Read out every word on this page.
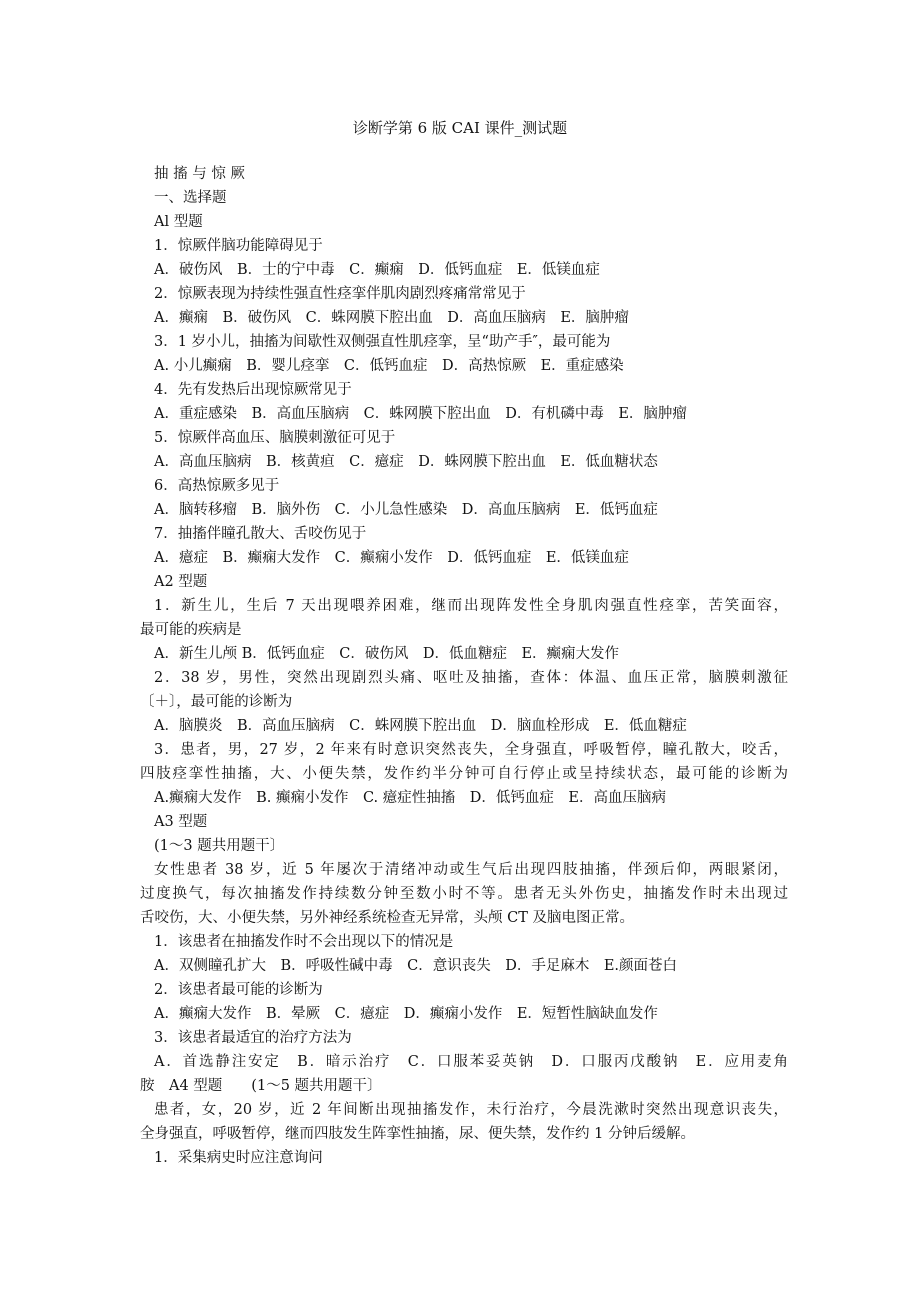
诊断学第 6 版 CAI 课件_测试题
抽 搐 与 惊 厥
一、选择题
Al 型题
1．惊厥伴脑功能障碍见于
A．破伤风　B．士的宁中毒　C．癫痫　D．低钙血症　E．低镁血症
2．惊厥表现为持续性强直性痉挛伴肌肉剧烈疼痛常常见于
A．癫痫　B．破伤风　C．蛛网膜下腔出血　D．高血压脑病　E．脑肿瘤
3．1 岁小儿，抽搐为间歇性双侧强直性肌痉挛，呈“助产手″，最可能为
A. 小儿癫痫　B．婴儿痉挛　C．低钙血症　D．高热惊厥　E．重症感染
4．先有发热后出现惊厥常见于
A．重症感染　B．高血压脑病　C．蛛网膜下腔出血　D．有机磷中毒　E．脑肿瘤
5．惊厥伴高血压、脑膜刺激征可见于
A．高血压脑病　B．核黄疸　C．癔症　D．蛛网膜下腔出血　E．低血糖状态
6．高热惊厥多见于
A．脑转移瘤　B．脑外伤　C．小儿急性感染　D．高血压脑病　E．低钙血症
7．抽搐伴瞳孔散大、舌咬伤见于
A．癔症　B．癫痫大发作　C．癫痫小发作　D．低钙血症　E．低镁血症
A2 型题
1．新生儿，生后 7 天出现喂养困难，继而出现阵发性全身肌肉强直性痉挛，苦笑面容，
最可能的疾病是
A．新生儿颅 B．低钙血症　C．破伤风　D．低血糖症　E．癫痫大发作
2．38 岁，男性，突然出现剧烈头痛、呕吐及抽搐，查体：体温、血压正常，脑膜刺激征
〔＋〕，最可能的诊断为
A．脑膜炎　B．高血压脑病　C．蛛网膜下腔出血　D．脑血栓形成　E．低血糖症
3．患者，男，27 岁，2 年来有时意识突然丧失，全身强直，呼吸暂停，瞳孔散大，咬舌，
四肢痉挛性抽搐，大、小便失禁，发作约半分钟可自行停止或呈持续状态，最可能的诊断为
A.癫痫大发作　B. 癫痫小发作　C. 癔症性抽搐　D．低钙血症　E．高血压脑病
A3 型题
(1～3 题共用题干〕
女性患者 38 岁，近 5 年屡次于清绪冲动或生气后出现四肢抽搐，伴颈后仰，两眼紧闭，
过度换气，每次抽搐发作持续数分钟至数小时不等。患者无头外伤史，抽搐发作时未出现过
舌咬伤，大、小便失禁，另外神经系统检查无异常，头颅 CT 及脑电图正常。
1．该患者在抽搐发作时不会出现以下的情况是
A．双侧瞳孔扩大　B．呼吸性碱中毒　C．意识丧失　D．手足麻木　E.颜面苍白
2．该患者最可能的诊断为
A．癫痫大发作　B．晕厥　C．癔症　D．癫痫小发作　E．短暂性脑缺血发作
3．该患者最适宜的治疗方法为
A．首选静注安定　B．暗示治疗　C．口服苯妥英钠　D．口服丙戊酸钠　E．应用麦角
胺　A4 型题　　(1～5 题共用题干〕
患者，女，20 岁，近 2 年间断出现抽搐发作，未行治疗，今晨洗漱时突然出现意识丧失，
全身强直，呼吸暂停，继而四肢发生阵挛性抽搐，尿、便失禁，发作约 1 分钟后缓解。
1．采集病史时应注意询问
